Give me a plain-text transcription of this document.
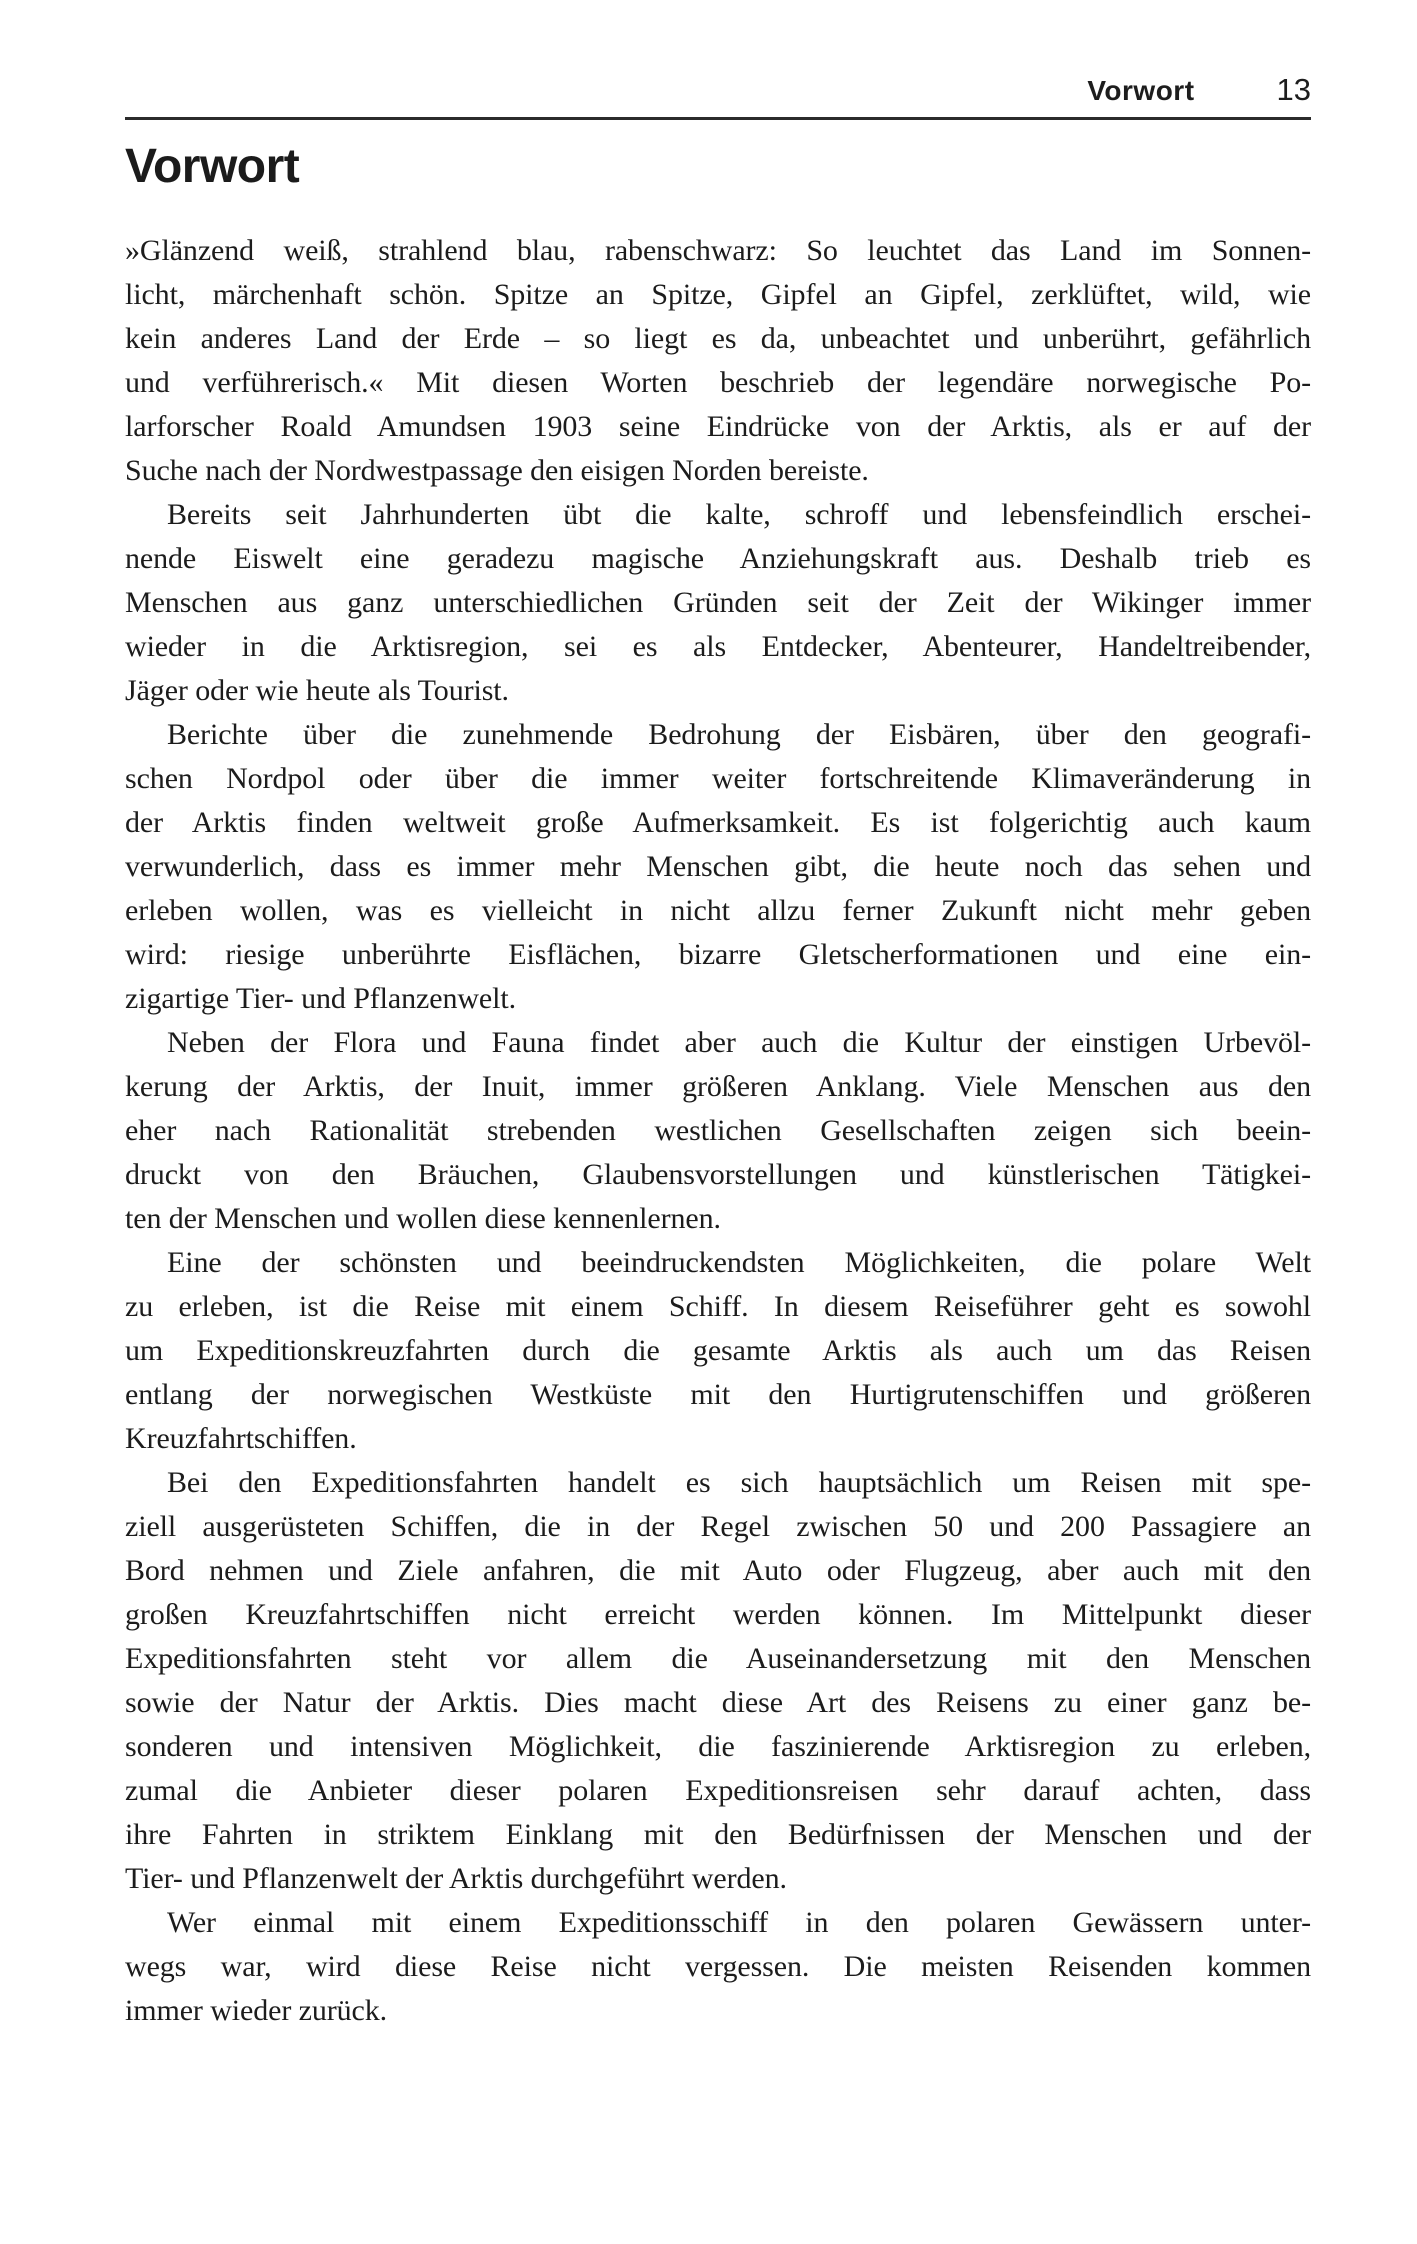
Vorwort	13
Vorwort

»Glänzend weiß, strahlend blau, rabenschwarz: So leuchtet das Land im Sonnen-
licht, märchenhaft schön. Spitze an Spitze, Gipfel an Gipfel, zerklüftet, wild, wie
kein anderes Land der Erde – so liegt es da, unbeachtet und unberührt, gefährlich
und verführerisch.« Mit diesen Worten beschrieb der legendäre norwegische Po-
larforscher Roald Amundsen 1903 seine Eindrücke von der Arktis, als er auf der
Suche nach der Nordwestpassage den eisigen Norden bereiste.

Bereits seit Jahrhunderten übt die kalte, schroff und lebensfeindlich erschei-
nende Eiswelt eine geradezu magische Anziehungskraft aus. Deshalb trieb es
Menschen aus ganz unterschiedlichen Gründen seit der Zeit der Wikinger immer
wieder in die Arktisregion, sei es als Entdecker, Abenteurer, Handeltreibender,
Jäger oder wie heute als Tourist.

Berichte über die zunehmende Bedrohung der Eisbären, über den geografi-
schen Nordpol oder über die immer weiter fortschreitende Klimaveränderung in
der Arktis finden weltweit große Aufmerksamkeit. Es ist folgerichtig auch kaum
verwunderlich, dass es immer mehr Menschen gibt, die heute noch das sehen und
erleben wollen, was es vielleicht in nicht allzu ferner Zukunft nicht mehr geben
wird: riesige unberührte Eisflächen, bizarre Gletscherformationen und eine ein-
zigartige Tier- und Pflanzenwelt.

Neben der Flora und Fauna findet aber auch die Kultur der einstigen Urbevöl-
kerung der Arktis, der Inuit, immer größeren Anklang. Viele Menschen aus den
eher nach Rationalität strebenden westlichen Gesellschaften zeigen sich beein-
druckt von den Bräuchen, Glaubensvorstellungen und künstlerischen Tätigkei-
ten der Menschen und wollen diese kennenlernen.

Eine der schönsten und beeindruckendsten Möglichkeiten, die polare Welt
zu erleben, ist die Reise mit einem Schiff. In diesem Reiseführer geht es sowohl
um Expeditionskreuzfahrten durch die gesamte Arktis als auch um das Reisen
entlang der norwegischen Westküste mit den Hurtigrutenschiffen und größeren
Kreuzfahrtschiffen.

Bei den Expeditionsfahrten handelt es sich hauptsächlich um Reisen mit spe-
ziell ausgerüsteten Schiffen, die in der Regel zwischen 50 und 200 Passagiere an
Bord nehmen und Ziele anfahren, die mit Auto oder Flugzeug, aber auch mit den
großen Kreuzfahrtschiffen nicht erreicht werden können. Im Mittelpunkt dieser
Expeditionsfahrten steht vor allem die Auseinandersetzung mit den Menschen
sowie der Natur der Arktis. Dies macht diese Art des Reisens zu einer ganz be-
sonderen und intensiven Möglichkeit, die faszinierende Arktisregion zu erleben,
zumal die Anbieter dieser polaren Expeditionsreisen sehr darauf achten, dass
ihre Fahrten in striktem Einklang mit den Bedürfnissen der Menschen und der
Tier- und Pflanzenwelt der Arktis durchgeführt werden.

Wer einmal mit einem Expeditionsschiff in den polaren Gewässern unter-
wegs war, wird diese Reise nicht vergessen. Die meisten Reisenden kommen
immer wieder zurück.
